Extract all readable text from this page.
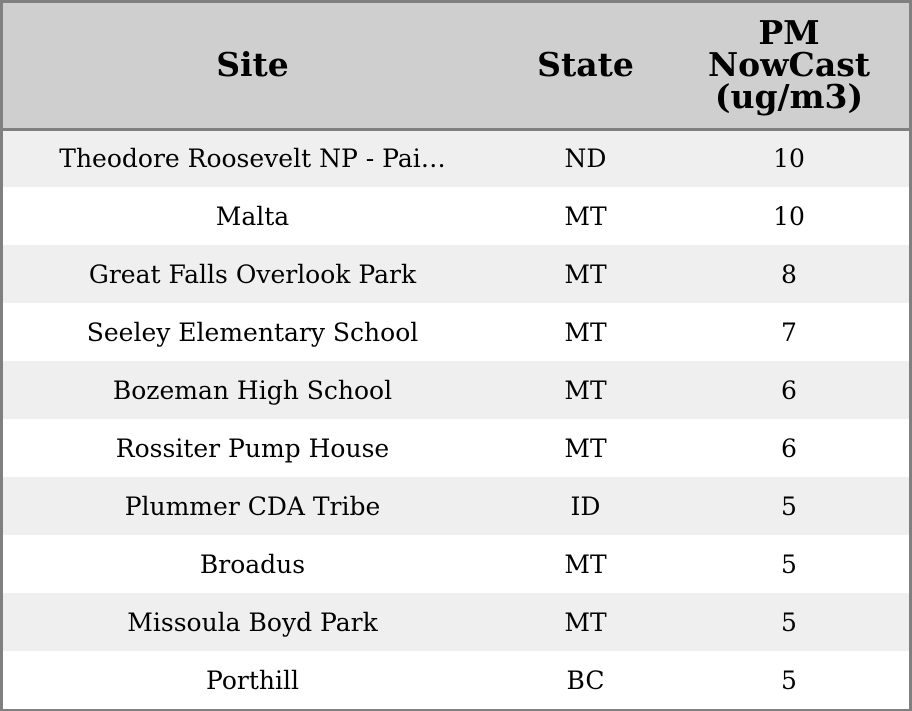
Site	State	PM
NowCast
(ug/m3)
Theodore Roosevelt NP - Pai…	ND	10
Malta	MT	10
Great Falls Overlook Park	MT	8
Seeley Elementary School	MT	7
Bozeman High School	MT	6
Rossiter Pump House	MT	6
Plummer CDA Tribe	ID	5
Broadus	MT	5
Missoula Boyd Park	MT	5
Porthill	BC	5
